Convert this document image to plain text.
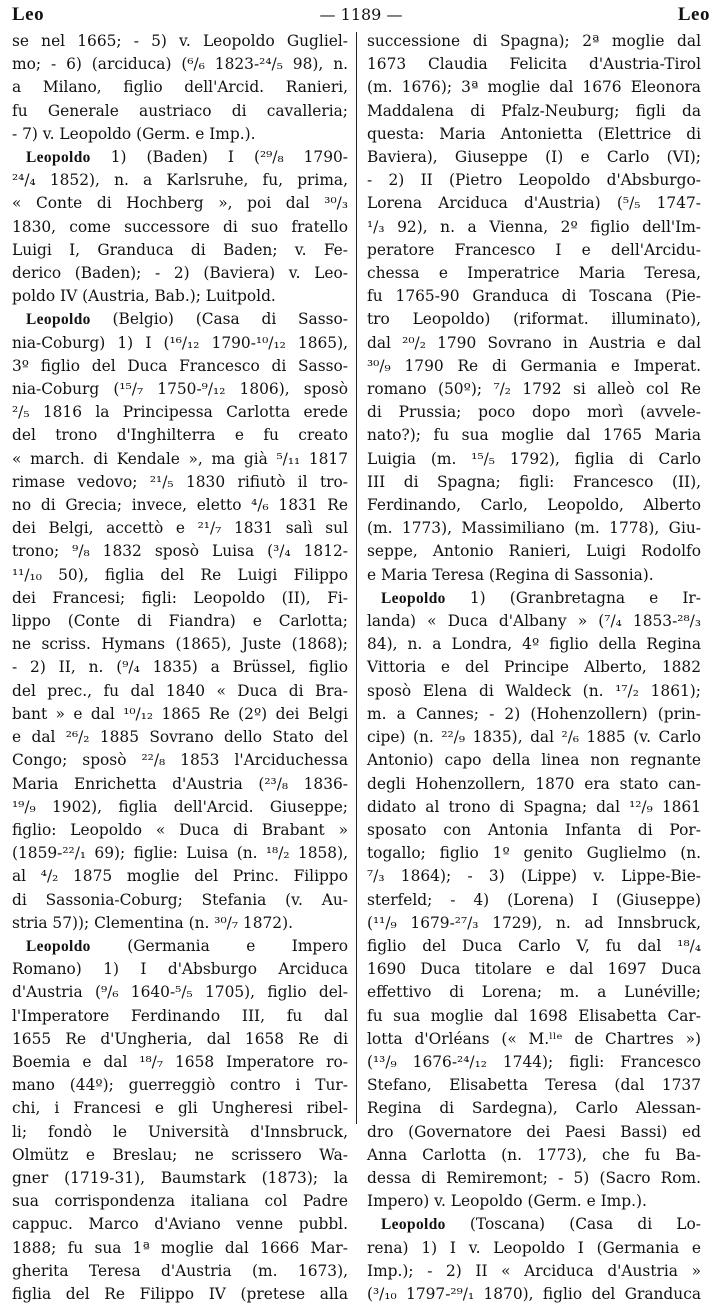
Leo	— 1189 —	Leo
se nel 1665; - 5) v. Leopoldo Gugliel-
mo; - 6) (arciduca) (⁶/₆ 1823-²⁴/₅ 98), n.
a Milano, figlio dell'Arcid. Ranieri,
fu Generale austriaco di cavalleria;
- 7) v. Leopoldo (Germ. e Imp.).
Leopoldo 1) (Baden) I (²⁹/₈ 1790-
²⁴/₄ 1852), n. a Karlsruhe, fu, prima,
« Conte di Hochberg », poi dal ³⁰/₃
1830, come successore di suo fratello
Luigi I, Granduca di Baden; v. Fe-
derico (Baden); - 2) (Baviera) v. Leo-
poldo IV (Austria, Bab.); Luitpold.
Leopoldo (Belgio) (Casa di Sasso-
nia-Coburg) 1) I (¹⁶/₁₂ 1790-¹⁰/₁₂ 1865),
3º figlio del Duca Francesco di Sasso-
nia-Coburg (¹⁵/₇ 1750-⁹/₁₂ 1806), sposò
²/₅ 1816 la Principessa Carlotta erede
del trono d'Inghilterra e fu creato
« march. di Kendale », ma già ⁵/₁₁ 1817
rimase vedovo; ²¹/₅ 1830 rifiutò il tro-
no di Grecia; invece, eletto ⁴/₆ 1831 Re
dei Belgi, accettò e ²¹/₇ 1831 salì sul
trono; ⁹/₈ 1832 sposò Luisa (³/₄ 1812-
¹¹/₁₀ 50), figlia del Re Luigi Filippo
dei Francesi; figli: Leopoldo (II), Fi-
lippo (Conte di Fiandra) e Carlotta;
ne scriss. Hymans (1865), Juste (1868);
- 2) II, n. (⁹/₄ 1835) a Brüssel, figlio
del prec., fu dal 1840 « Duca di Bra-
bant » e dal ¹⁰/₁₂ 1865 Re (2º) dei Belgi
e dal ²⁶/₂ 1885 Sovrano dello Stato del
Congo; sposò ²²/₈ 1853 l'Arciduchessa
Maria Enrichetta d'Austria (²³/₈ 1836-
¹⁹/₉ 1902), figlia dell'Arcid. Giuseppe;
figlio: Leopoldo « Duca di Brabant »
(1859-²²/₁ 69); figlie: Luisa (n. ¹⁸/₂ 1858),
al ⁴/₂ 1875 moglie del Princ. Filippo
di Sassonia-Coburg; Stefania (v. Au-
stria 57)); Clementina (n. ³⁰/₇ 1872).
Leopoldo (Germania e Impero
Romano) 1) I d'Absburgo Arciduca
d'Austria (⁹/₆ 1640-⁵/₅ 1705), figlio del-
l'Imperatore Ferdinando III, fu dal
1655 Re d'Ungheria, dal 1658 Re di
Boemia e dal ¹⁸/₇ 1658 Imperatore ro-
mano (44º); guerreggiò contro i Tur-
chi, i Francesi e gli Ungheresi ribel-
li; fondò le Università d'Innsbruck,
Olmütz e Breslau; ne scrissero Wa-
gner (1719-31), Baumstark (1873); la
sua corrispondenza italiana col Padre
cappuc. Marco d'Aviano venne pubbl.
1888; fu sua 1ª moglie dal 1666 Mar-
gherita Teresa d'Austria (m. 1673),
figlia del Re Filippo IV (pretese alla
successione di Spagna); 2ª moglie dal
1673 Claudia Felicita d'Austria-Tirol
(m. 1676); 3ª moglie dal 1676 Eleonora
Maddalena di Pfalz-Neuburg; figli da
questa: Maria Antonietta (Elettrice di
Baviera), Giuseppe (I) e Carlo (VI);
- 2) II (Pietro Leopoldo d'Absburgo-
Lorena Arciduca d'Austria) (⁵/₅ 1747-
¹/₃ 92), n. a Vienna, 2º figlio dell'Im-
peratore Francesco I e dell'Arcidu-
chessa e Imperatrice Maria Teresa,
fu 1765-90 Granduca di Toscana (Pie-
tro Leopoldo) (riformat. illuminato),
dal ²⁰/₂ 1790 Sovrano in Austria e dal
³⁰/₉ 1790 Re di Germania e Imperat.
romano (50º); ⁷/₂ 1792 si alleò col Re
di Prussia; poco dopo morì (avvele-
nato?); fu sua moglie dal 1765 Maria
Luigia (m. ¹⁵/₅ 1792), figlia di Carlo
III di Spagna; figli: Francesco (II),
Ferdinando, Carlo, Leopoldo, Alberto
(m. 1773), Massimiliano (m. 1778), Giu-
seppe, Antonio Ranieri, Luigi Rodolfo
e Maria Teresa (Regina di Sassonia).
Leopoldo 1) (Granbretagna e Ir-
landa) « Duca d'Albany » (⁷/₄ 1853-²⁸/₃
84), n. a Londra, 4º figlio della Regina
Vittoria e del Principe Alberto, 1882
sposò Elena di Waldeck (n. ¹⁷/₂ 1861);
m. a Cannes; - 2) (Hohenzollern) (prin-
cipe) (n. ²²/₉ 1835), dal ²/₆ 1885 (v. Carlo
Antonio) capo della linea non regnante
degli Hohenzollern, 1870 era stato can-
didato al trono di Spagna; dal ¹²/₉ 1861
sposato con Antonia Infanta di Por-
togallo; figlio 1º genito Guglielmo (n.
⁷/₃ 1864); - 3) (Lippe) v. Lippe-Bie-
sterfeld; - 4) (Lorena) I (Giuseppe)
(¹¹/₉ 1679-²⁷/₃ 1729), n. ad Innsbruck,
figlio del Duca Carlo V, fu dal ¹⁸/₄
1690 Duca titolare e dal 1697 Duca
effettivo di Lorena; m. a Lunéville;
fu sua moglie dal 1698 Elisabetta Car-
lotta d'Orléans (« M.ˡˡᵉ de Chartres »)
(¹³/₉ 1676-²⁴/₁₂ 1744); figli: Francesco
Stefano, Elisabetta Teresa (dal 1737
Regina di Sardegna), Carlo Alessan-
dro (Governatore dei Paesi Bassi) ed
Anna Carlotta (n. 1773), che fu Ba-
dessa di Remiremont; - 5) (Sacro Rom.
Impero) v. Leopoldo (Germ. e Imp.).
Leopoldo (Toscana) (Casa di Lo-
rena) 1) I v. Leopoldo I (Germania e
Imp.); - 2) II « Arciduca d'Austria »
(³/₁₀ 1797-²⁹/₁ 1870), figlio del Granduca
